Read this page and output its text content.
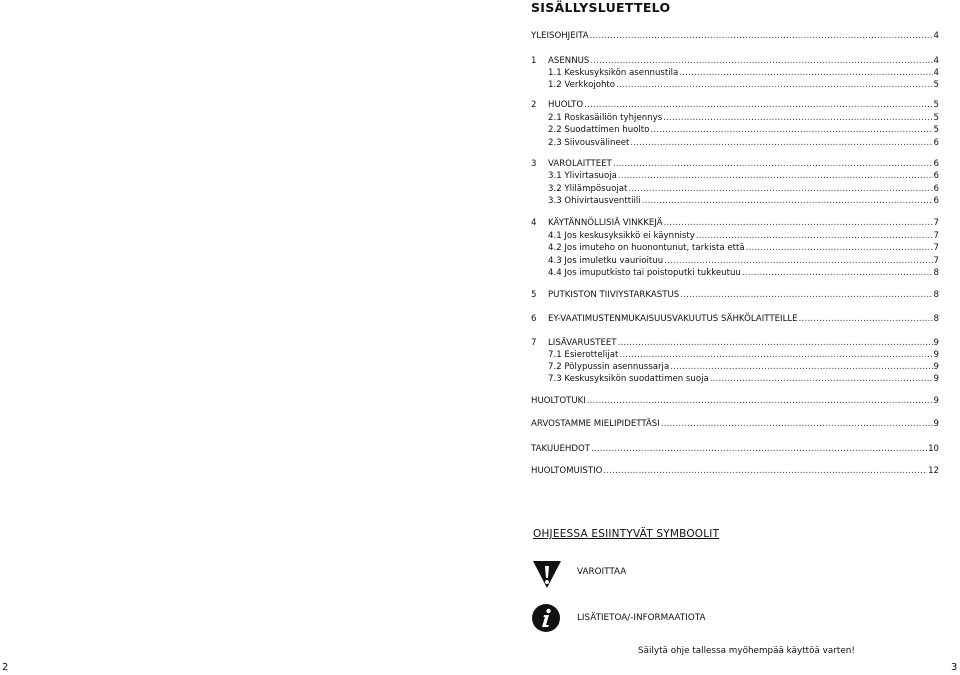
SISÄLLYSLUETTELO
YLEISOHJEITA .....	4
1	ASENNUS .....	4
1.1 Keskusyksikön asennustila .....	4
1.2 Verkkojohto .....	5
2	HUOLTO .....	5
2.1 Roskasäiliön tyhjennys .....	5
2.2 Suodattimen huolto .....	5
2.3 Siivousvälineet .....	6
3	VAROLAITTEET .....	6
3.1 Ylivirtasuoja .....	6
3.2 Ylilämpösuojat .....	6
3.3 Ohivirtausventtiili .....	6
4	KÄYTÄNNÖLLISIÄ VINKKEJÄ .....	7
4.1 Jos keskusyksikkö ei käynnisty .....	7
4.2 Jos imuteho on huonontunut, tarkista että .....	7
4.3 Jos imuletku vaurioituu .....	7
4.4 Jos imuputkisto tai poistoputki tukkeutuu .....	8
5	PUTKISTON TIIVIYSTARKASTUS .....	8
6	EY-VAATIMUSTENMUKAISUUSVAKUUTUS SÄHKÖLAITTEILLE .....	8
7	LISÄVARUSTEET .....	9
7.1 Esierottelijat .....	9
7.2 Pölypussin asennussarja .....	9
7.3 Keskusyksikön suodattimen suoja .....	9
HUOLTOTUKI .....	9
ARVOSTAMME MIELIPIDETTÄSI .....	9
TAKUUEHDOT .....	10
HUOLTOMUISTIO .....	12
OHJEESSA ESIINTYVÄT SYMBOOLIT
VAROITTAA
LISÄTIETOA/-INFORMAATIOTA
Säilytä ohje tallessa myöhempää käyttöä varten!
2	3
